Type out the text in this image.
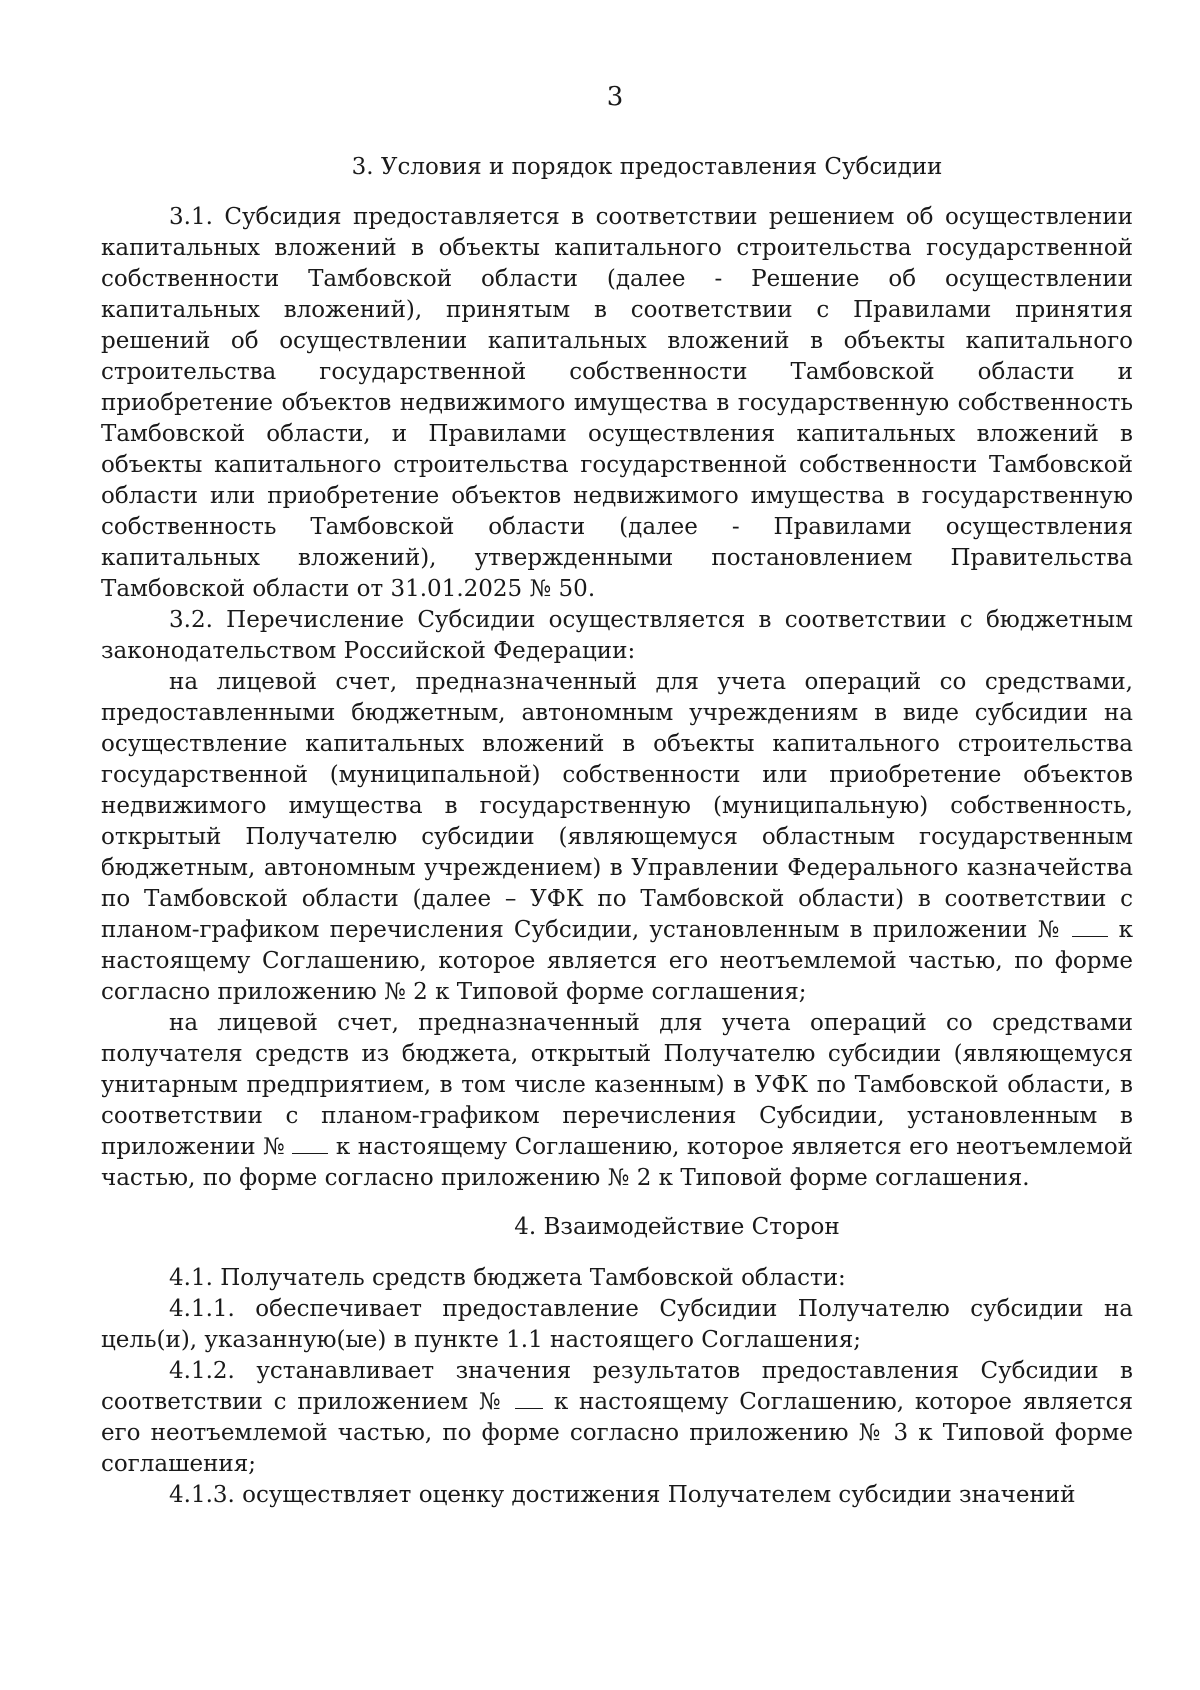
3
3. Условия и порядок предоставления Субсидии

3.1. Субсидия предоставляется в соответствии решением об осуществлении капитальных вложений в объекты капитального строительства государственной собственности Тамбовской области (далее - Решение об осуществлении капитальных вложений), принятым в соответствии с Правилами принятия решений об осуществлении капитальных вложений в объекты капитального строительства государственной собственности Тамбовской области и приобретение объектов недвижимого имущества в государственную собственность Тамбовской области, и Правилами осуществления капитальных вложений в объекты капитального строительства государственной собственности Тамбовской области или приобретение объектов недвижимого имущества в государственную собственность Тамбовской области (далее - Правилами осуществления капитальных вложений), утвержденными постановлением Правительства Тамбовской области от 31.01.2025 № 50.

3.2. Перечисление Субсидии осуществляется в соответствии с бюджетным законодательством Российской Федерации:

на лицевой счет, предназначенный для учета операций со средствами, предоставленными бюджетным, автономным учреждениям в виде субсидии на осуществление капитальных вложений в объекты капитального строительства государственной (муниципальной) собственности или приобретение объектов недвижимого имущества в государственную (муниципальную) собственность, открытый Получателю субсидии (являющемуся областным государственным бюджетным, автономным учреждением) в Управлении Федерального казначейства по Тамбовской области (далее – УФК по Тамбовской области) в соответствии с планом-графиком перечисления Субсидии, установленным в приложении № к настоящему Соглашению, которое является его неотъемлемой частью, по форме согласно приложению № 2 к Типовой форме соглашения;

на лицевой счет, предназначенный для учета операций со средствами получателя средств из бюджета, открытый Получателю субсидии (являющемуся унитарным предприятием, в том числе казенным) в УФК по Тамбовской области, в соответствии с планом-графиком перечисления Субсидии, установленным в приложении № к настоящему Соглашению, которое является его неотъемлемой частью, по форме согласно приложению № 2 к Типовой форме соглашения.

4. Взаимодействие Сторон

4.1. Получатель средств бюджета Тамбовской области:

4.1.1. обеспечивает предоставление Субсидии Получателю субсидии на цель(и), указанную(ые) в пункте 1.1 настоящего Соглашения;

4.1.2. устанавливает значения результатов предоставления Субсидии в соответствии с приложением № к настоящему Соглашению, которое является его неотъемлемой частью, по форме согласно приложению № 3 к Типовой форме соглашения;

4.1.3. осуществляет оценку достижения Получателем субсидии значений
